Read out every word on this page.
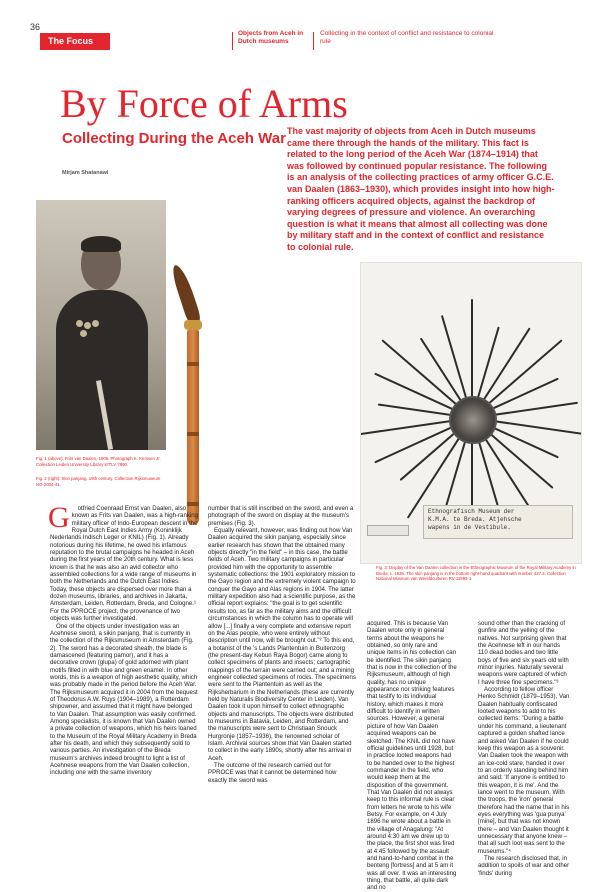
36
The Focus
Objects from Aceh in Dutch museums
Collecting in the context of conflict and resistance to colonial rule
By Force of Arms
Collecting During the Aceh War
Mirjam Shatanawi
The vast majority of objects from Aceh in Dutch museums came there through the hands of the military. This fact is related to the long period of the Aceh War (1874–1914) that was followed by continued popular resistance. The following is an analysis of the collecting practices of army officer G.C.E. van Daalen (1863–1930), which provides insight into how high-ranking officers acquired objects, against the backdrop of varying degrees of pressure and violence. An overarching question is what it means that almost all collecting was done by military staff and in the context of conflict and resistance to colonial rule.
Fig. 1 (above): Frits van Daalen, 1909. Photograph K. Kerssen Jr. Collection Leiden University Library KITLV 7890.
Fig. 2 (right): Skin panjang, 19th century. Collection Rijksmuseum NG-2004-41.
Ethnografisch Museum der
K.M.A. te Breda. Atjehsche
wapens in de Vestibule.
Fig. 3: Display of the Van Daalen collection in the Ethnographic Museum of the Royal Military Academy in Breda, c. 1936. The skin panjang is in the bottom right-hand quadrant with number 437.3. Collection National Museum van Wereldculturen RV-11996-1.
G	otfried Coenraad Ernst van Daalen, also known as Frits van Daalen, was a high-ranking military officer of Indo-European descent in the Royal Dutch East Indies Army (Koninklijk Nederlands Indisch Leger or KNIL) (Fig. 1). Already notorious during his lifetime, he owed his infamous reputation to the brutal campaigns he headed in Aceh during the first years of the 20th century. What is less known is that he was also an avid collector who assembled collections for a wide range of museums in both the Netherlands and the Dutch East Indies. Today, these objects are dispersed over more than a dozen museums, libraries, and archives in Jakarta, Amsterdam, Leiden, Rotterdam, Breda, and Cologne.¹ For the PPROCE project, the provenance of two objects was further investigated.

One of the objects under investigation was an Acehnese sword, a sikin panjang, that is currently in the collection of the Rijksmuseum in Amsterdam (Fig. 2). The sword has a decorated sheath, the blade is damascened (featuring pamor), and it has a decorative crown (glupa) of gold adorned with plant motifs filled in with blue and green enamel. In other words, this is a weapon of high aesthetic quality, which was probably made in the period before the Aceh War. The Rijksmuseum acquired it in 2004 from the bequest of Theodorus A.W. Ruys (1904–1989), a Rotterdam shipowner, and assumed that it might have belonged to Van Daalen. That assumption was easily confirmed. Among specialists, it is known that Van Daalen owned a private collection of weapons, which his heirs loaned to the Museum of the Royal Military Academy in Breda after his death, and which they subsequently sold to various parties. An investigation of the Breda museum's archives indeed brought to light a list of Acehnese weapons from the Van Daalen collection, including one with the same inventory

number that is still inscribed on the sword, and even a photograph of the sword on display at the museum's premises (Fig. 3).

Equally relevant, however, was finding out how Van Daalen acquired the sikin panjang, especially since earlier research has shown that the obtained many objects directly "in the field" – in this case, the battle fields of Aceh. Two military campaigns in particular provided him with the opportunity to assemble systematic collections: the 1901 exploratory mission to the Gayo region and the extremely violent campaign to conquer the Gayo and Alas regions in 1904. The latter military expedition also had a scientific purpose, as the official report explains: "the goal is to get scientific results too, as far as the military aims and the difficult circumstances in which the column has to operate will allow [...] finally a very complete and extensive report on the Alas people, who were entirely without description until now, will be brought out."² To this end, a botanist of the 's Lands Plantentuin in Buitenzorg (the present-day Kebun Raya Bogor) came along to collect specimens of plants and insects; cartographic mappings of the terrain were carried out; and a mining engineer collected specimens of rocks. The specimens were sent to the Plantentuin as well as the Rijksherbarium in the Netherlands (these are currently held by Naturalis Biodiversity Center in Leiden). Van Daalen took it upon himself to collect ethnographic objects and manuscripts. The objects were distributed to museums in Batavia, Leiden, and Rotterdam, and the manuscripts were sent to Christiaan Snouck Hurgronje (1857–1936), the renowned scholar of Islam. Archival sources show that Van Daalen started to collect in the early 1890s, shortly after his arrival in Aceh.

The outcome of the research carried out for PPROCE was that it cannot be determined how exactly the sword was

acquired. This is because Van Daalen wrote only in general terms about the weapons he obtained, so only rare and unique items in his collection can be identified. The sikin panjang that is now in the collection of the Rijksmuseum, although of high quality, has no unique appearance nor striking features that testify to its individual history, which makes it more difficult to identify in written sources. However, a general picture of how Van Daalen acquired weapons can be sketched. The KNIL did not have official guidelines until 1928, but in practice looted weapons had to be handed over to the highest commander in the field, who would keep them at the disposition of the government. That Van Daalen did not always keep to this informal rule is clear from letters he wrote to his wife Betsy. For example, on 4 July 1896 he wrote about a battle in the village of Anagalung: "At around 4:30 am we drew up to the place, the first shot was fired at 4:45 followed by the assault and hand-to-hand combat in the benteng [fortress] and at 5 am it was all over. It was an interesting thing, that battle, all quite dark and no

sound other than the cracking of gunfire and the yelling of the natives. Not surprising given that the Acehnese left in our hands 110 dead bodies and two little boys of five and six years old with minor injuries. Naturally several weapons were captured of which I have three fine specimens."³

According to fellow officer Henko Schmidt (1879–1953), Van Daalen habitually confiscated looted weapons to add to his collected items: "During a battle under his command, a lieutenant captured a golden shafted lance and asked Van Daalen if he could keep this weapon as a souvenir. Van Daalen took the weapon with an ice-cold stare, handed it over to an orderly standing behind him and said: 'If anyone is entitled to this weapon, it is me'. And the lance went to the museum. With the troops, the 'iron' general therefore had the name that in his eyes everything was 'gua punya' [mine], but that was not known there – and Van Daalen thought it unnecessary that anyone knew – that all such loot was sent to the museums."⁴

The research disclosed that, in addition to spoils of war and other 'finds' during
